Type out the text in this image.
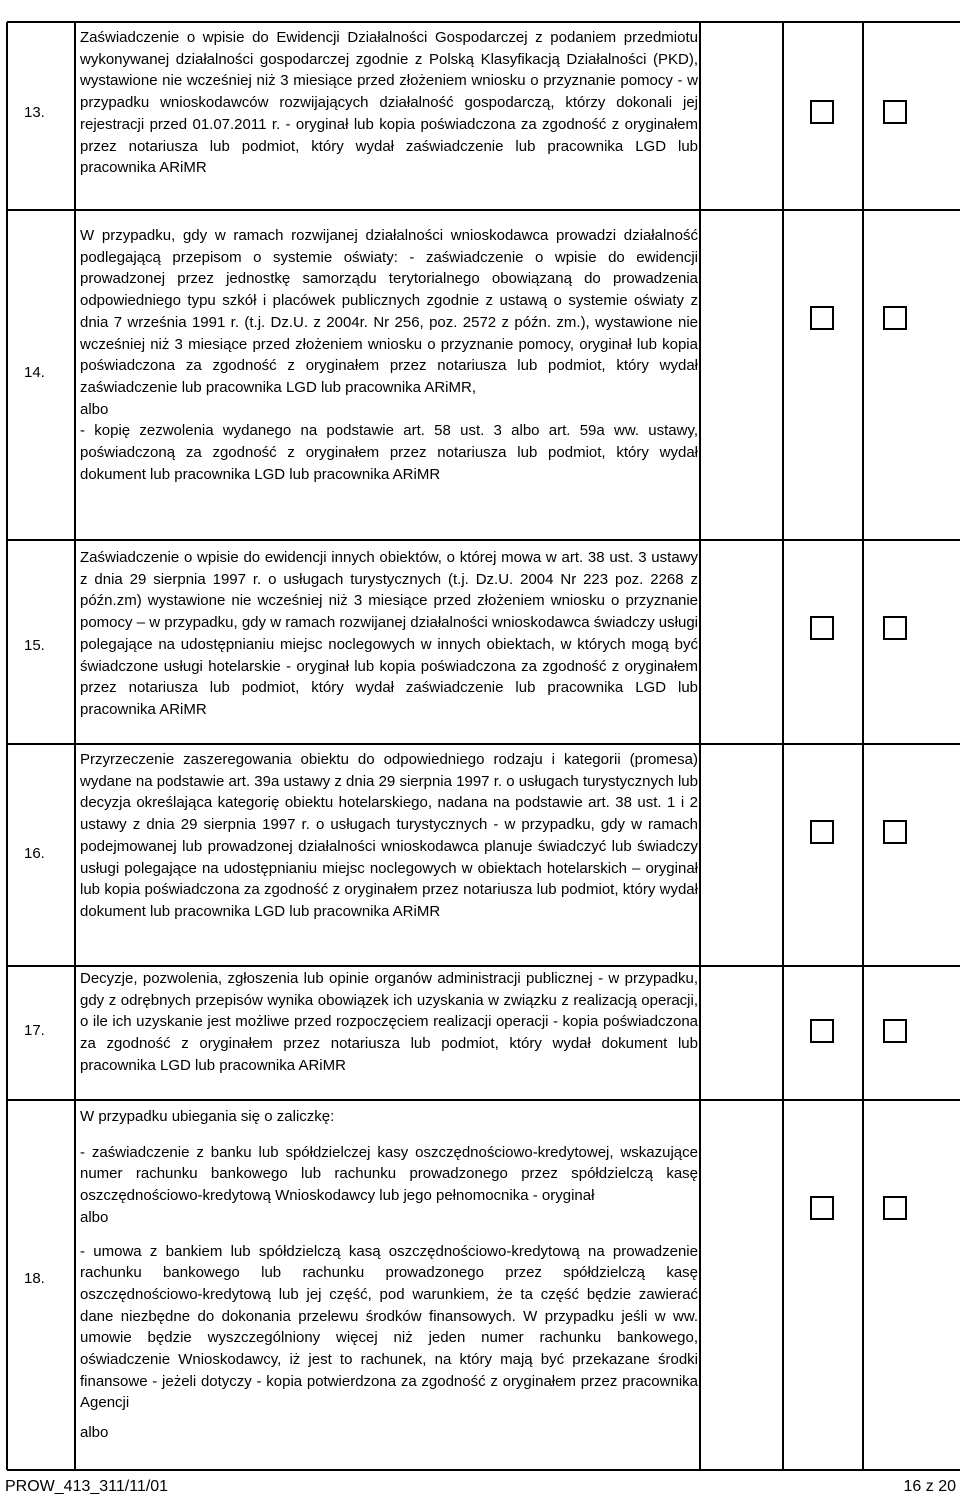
13.

Zaświadczenie o wpisie do Ewidencji Działalności Gospodarczej z podaniem przedmiotu wykonywanej działalności gospodarczej zgodnie z Polską Klasyfikacją Działalności (PKD), wystawione nie wcześniej niż 3 miesiące przed złożeniem wniosku o przyznanie pomocy - w przypadku wnioskodawców rozwijających działalność gospodarczą, którzy dokonali jej rejestracji przed 01.07.2011 r. - oryginał lub kopia poświadczona za zgodność z oryginałem przez notariusza lub podmiot, który wydał zaświadczenie lub pracownika LGD lub pracownika ARiMR

14.

W przypadku, gdy w ramach rozwijanej działalności wnioskodawca prowadzi działalność podlegającą przepisom o systemie oświaty: - zaświadczenie o wpisie do ewidencji prowadzonej przez jednostkę samorządu terytorialnego obowiązaną do prowadzenia odpowiedniego typu szkół i placówek publicznych zgodnie z ustawą o systemie oświaty z dnia 7 września 1991 r. (t.j. Dz.U. z 2004r. Nr 256, poz. 2572 z późn. zm.), wystawione nie wcześniej niż 3 miesiące przed złożeniem wniosku o przyznanie pomocy, oryginał lub kopia poświadczona za zgodność z oryginałem przez notariusza lub podmiot, który wydał zaświadczenie lub pracownika LGD lub pracownika ARiMR,

albo

- kopię zezwolenia wydanego na podstawie art. 58 ust. 3 albo art. 59a ww. ustawy, poświadczoną za zgodność z oryginałem przez notariusza lub podmiot, który wydał dokument lub pracownika LGD lub pracownika ARiMR

15.

Zaświadczenie o wpisie do ewidencji innych obiektów, o której mowa w art. 38 ust. 3 ustawy z dnia 29 sierpnia 1997 r. o usługach turystycznych (t.j. Dz.U. 2004 Nr 223 poz. 2268 z późn.zm) wystawione nie wcześniej niż 3 miesiące przed złożeniem wniosku o przyznanie pomocy – w przypadku, gdy w ramach rozwijanej działalności wnioskodawca świadczy usługi polegające na udostępnianiu miejsc noclegowych w innych obiektach, w których mogą być świadczone usługi hotelarskie - oryginał lub kopia poświadczona za zgodność z oryginałem przez notariusza lub podmiot, który wydał zaświadczenie lub pracownika LGD lub pracownika ARiMR

16.

Przyrzeczenie zaszeregowania obiektu do odpowiedniego rodzaju i kategorii (promesa) wydane na podstawie art. 39a ustawy z dnia 29 sierpnia 1997 r. o usługach turystycznych lub decyzja określająca kategorię obiektu hotelarskiego, nadana na podstawie art. 38 ust. 1 i 2 ustawy z dnia 29 sierpnia 1997 r. o usługach turystycznych - w przypadku, gdy w ramach podejmowanej lub prowadzonej działalności wnioskodawca planuje świadczyć lub świadczy usługi polegające na udostępnianiu miejsc noclegowych w obiektach hotelarskich – oryginał lub kopia poświadczona za zgodność z oryginałem przez notariusza lub podmiot, który wydał dokument lub pracownika LGD lub pracownika ARiMR

17.

Decyzje, pozwolenia, zgłoszenia lub opinie organów administracji publicznej - w przypadku, gdy z odrębnych przepisów wynika obowiązek ich uzyskania w związku z realizacją operacji, o ile ich uzyskanie jest możliwe przed rozpoczęciem realizacji operacji - kopia poświadczona za zgodność z oryginałem przez notariusza lub podmiot, który wydał dokument lub pracownika LGD lub pracownika ARiMR

18.

W przypadku ubiegania się o zaliczkę:

- zaświadczenie z banku lub spółdzielczej kasy oszczędnościowo-kredytowej, wskazujące numer rachunku bankowego lub rachunku prowadzonego przez spółdzielczą kasę oszczędnościowo-kredytową Wnioskodawcy lub jego pełnomocnika - oryginał

albo

- umowa z bankiem lub spółdzielczą kasą oszczędnościowo-kredytową na prowadzenie rachunku bankowego lub rachunku prowadzonego przez spółdzielczą kasę oszczędnościowo-kredytową lub jej część, pod warunkiem, że ta część będzie zawierać dane niezbędne do dokonania przelewu środków finansowych. W przypadku jeśli w ww. umowie będzie wyszczególniony więcej niż jeden numer rachunku bankowego, oświadczenie Wnioskodawcy, iż jest to rachunek, na który mają być przekazane środki finansowe - jeżeli dotyczy - kopia potwierdzona za zgodność z oryginałem przez pracownika Agencji

albo

PROW_413_311/11/01	16 z 20
